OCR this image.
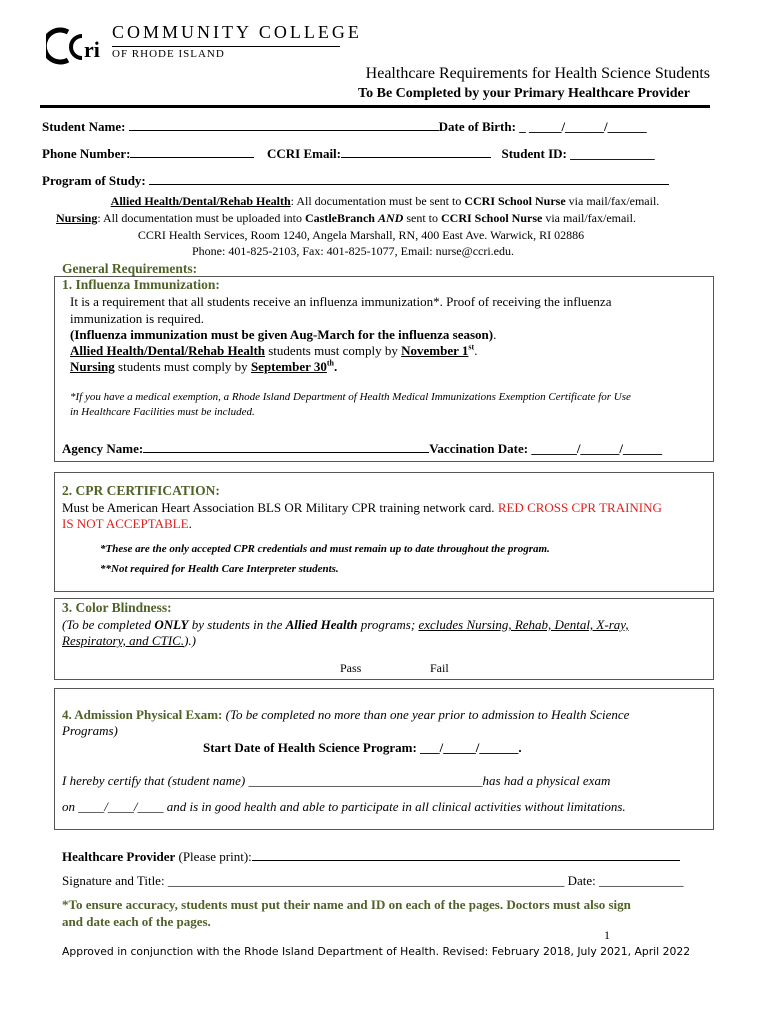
ri
COMMUNITY COLLEGE
OF RHODE ISLAND
Healthcare Requirements for Health Science Students
To Be Completed by your Primary Healthcare Provider
Student Name:	Date of Birth: _ _____/______/______
Phone Number:	CCRI Email:	Student ID: _____________
Program of Study:
Allied Health/Dental/Rehab Health: All documentation must be sent to CCRI School Nurse via mail/fax/email.
Nursing: All documentation must be uploaded into CastleBranch AND sent to CCRI School Nurse via mail/fax/email.
CCRI Health Services, Room 1240, Angela Marshall, RN, 400 East Ave. Warwick, RI 02886
Phone: 401-825-2103, Fax: 401-825-1077, Email: nurse@ccri.edu.
General Requirements:
1. Influenza Immunization:
It is a requirement that all students receive an influenza immunization*. Proof of receiving the influenza
immunization is required.
(Influenza immunization must be given Aug-March for the influenza season).
Allied Health/Dental/Rehab Health students must comply by November 1st.
Nursing students must comply by September 30th.
*If you have a medical exemption, a Rhode Island Department of Health Medical Immunizations Exemption Certificate for Use
in Healthcare Facilities must be included.
Agency Name:	Vaccination Date: _______/______/______
2. CPR CERTIFICATION:
Must be American Heart Association BLS OR Military CPR training network card. RED CROSS CPR TRAINING
IS NOT ACCEPTABLE.
*These are the only accepted CPR credentials and must remain up to date throughout the program.
**Not required for Health Care Interpreter students.
3. Color Blindness:
(To be completed ONLY by students in the Allied Health programs; excludes Nursing, Rehab, Dental, X-ray,
Respiratory, and CTIC.).)
Pass	Fail
4. Admission Physical Exam: (To be completed no more than one year prior to admission to Health Science
Programs)
Start Date of Health Science Program: ___/_____/______.
I hereby certify that (student name) ____________________________________has had a physical exam
on ____/____/____ and is in good health and able to participate in all clinical activities without limitations.
Healthcare Provider (Please print):
Signature and Title: _____________________________________________________________ Date: _____________
*To ensure accuracy, students must put their name and ID on each of the pages. Doctors must also sign
and date each of the pages.
1
Approved in conjunction with the Rhode Island Department of Health. Revised: February 2018, July 2021, April 2022
